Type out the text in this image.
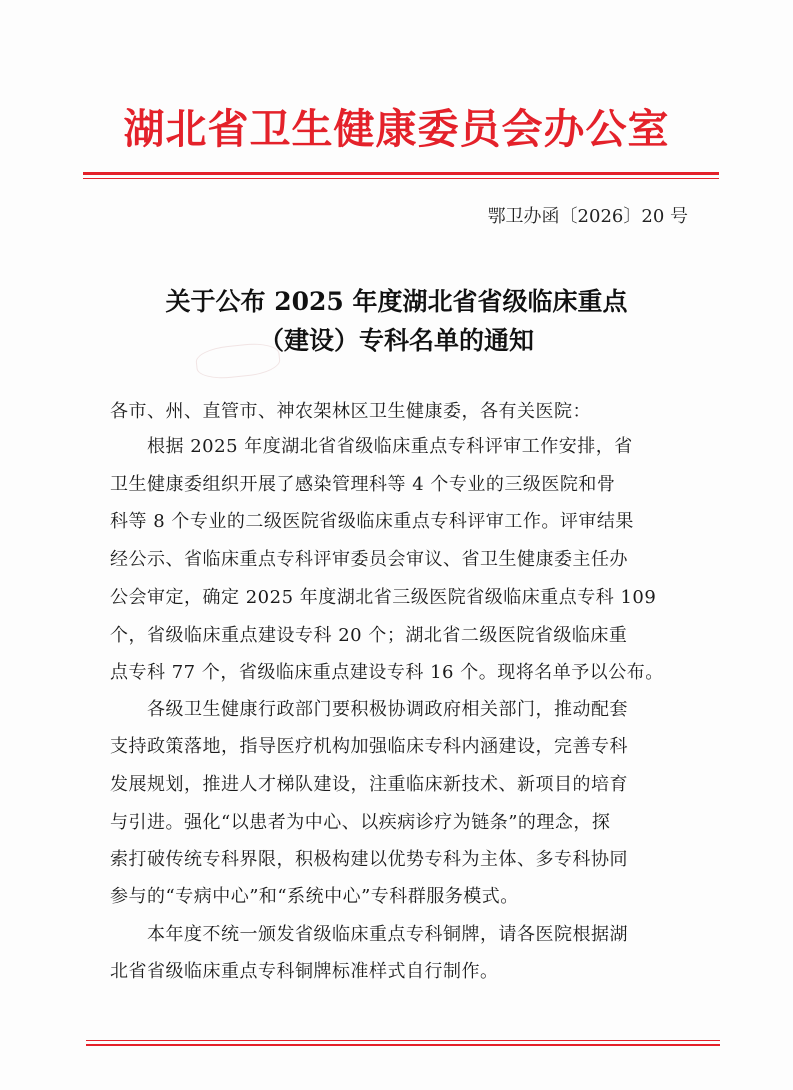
湖北省卫生健康委员会办公室
鄂卫办函〔2026〕20 号
关于公布 2025 年度湖北省省级临床重点
（建设）专科名单的通知
各市、州、直管市、神农架林区卫生健康委，各有关医院：
　　根据 2025 年度湖北省省级临床重点专科评审工作安排，省
卫生健康委组织开展了感染管理科等 4 个专业的三级医院和骨
科等 8 个专业的二级医院省级临床重点专科评审工作。评审结果
经公示、省临床重点专科评审委员会审议、省卫生健康委主任办
公会审定，确定 2025 年度湖北省三级医院省级临床重点专科 109
个，省级临床重点建设专科 20 个；湖北省二级医院省级临床重
点专科 77 个，省级临床重点建设专科 16 个。现将名单予以公布。
　　各级卫生健康行政部门要积极协调政府相关部门，推动配套
支持政策落地，指导医疗机构加强临床专科内涵建设，完善专科
发展规划，推进人才梯队建设，注重临床新技术、新项目的培育
与引进。强化“以患者为中心、以疾病诊疗为链条”的理念，探
索打破传统专科界限，积极构建以优势专科为主体、多专科协同
参与的“专病中心”和“系统中心”专科群服务模式。
　　本年度不统一颁发省级临床重点专科铜牌，请各医院根据湖
北省省级临床重点专科铜牌标准样式自行制作。
